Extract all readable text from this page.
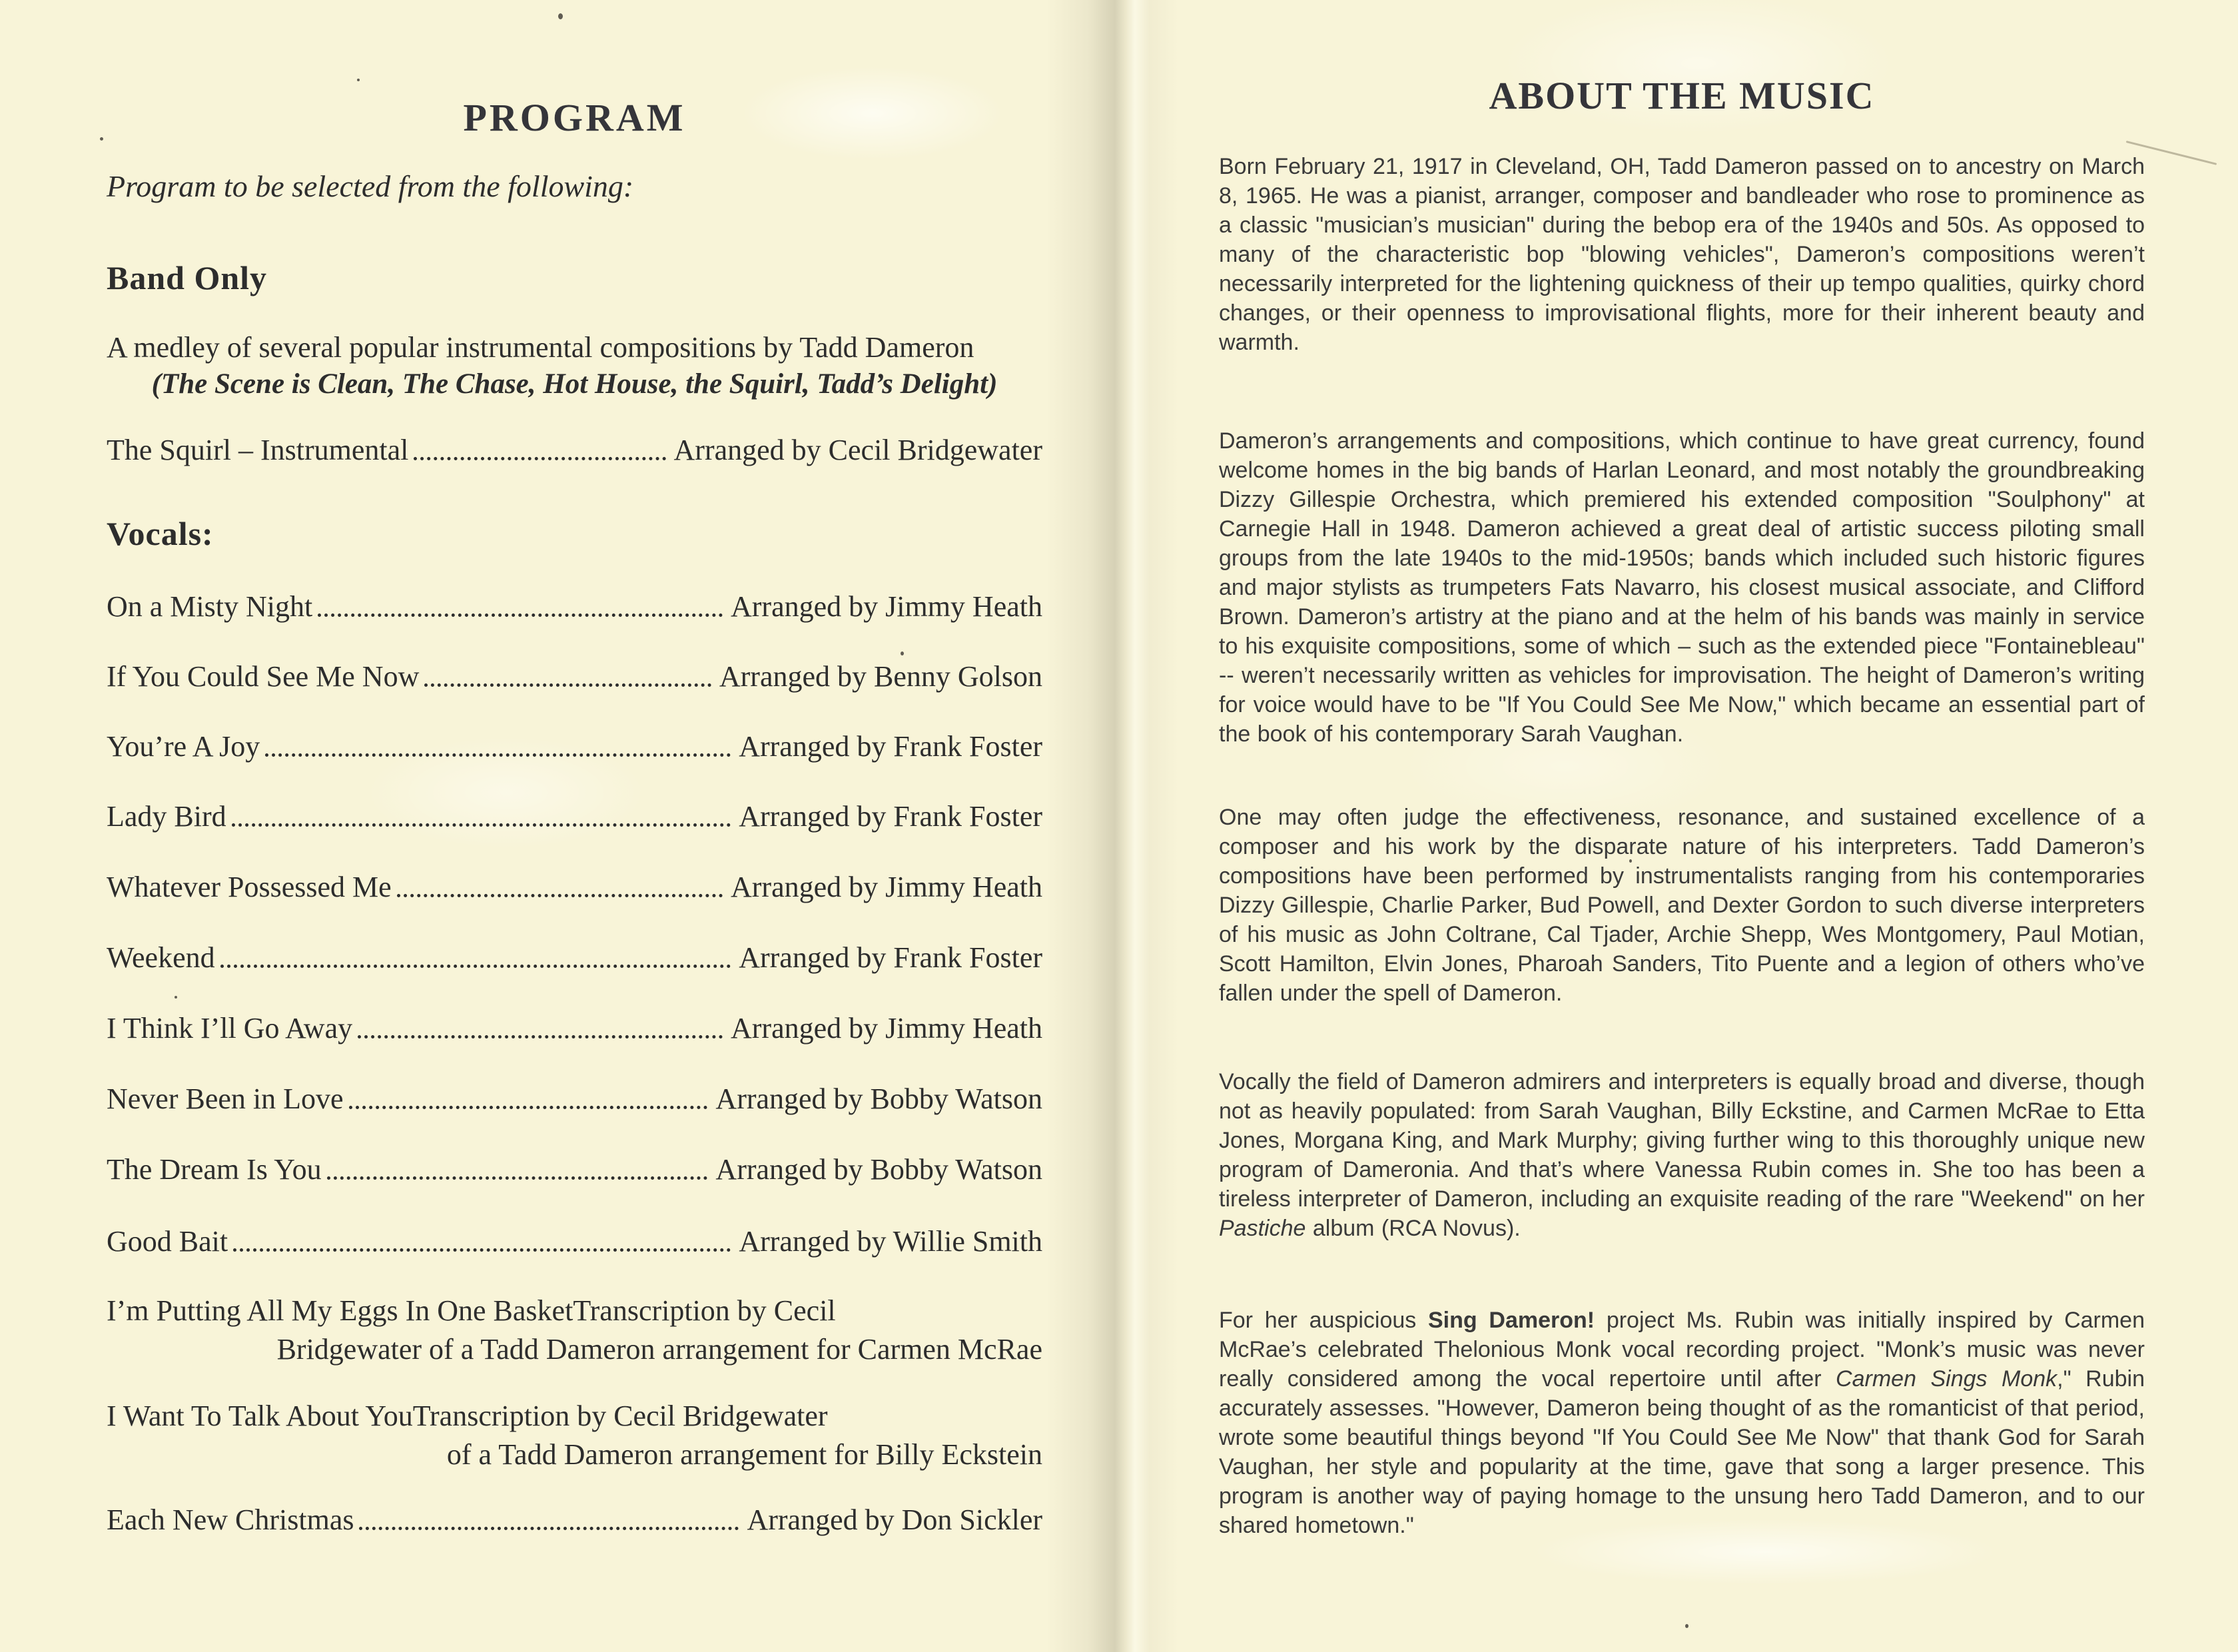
PROGRAM
Program to be selected from the following:
Band Only
A medley of several popular instrumental compositions by Tadd Dameron
(The Scene is Clean, The Chase, Hot House, the Squirl, Tadd’s Delight)
The Squirl – Instrumental	Arranged by Cecil Bridgewater
Vocals:
On a Misty Night	Arranged by Jimmy Heath
If You Could See Me Now	Arranged by Benny Golson
You’re A Joy	Arranged by Frank Foster
Lady Bird	Arranged by Frank Foster
Whatever Possessed Me	Arranged by Jimmy Heath
Weekend	Arranged by Frank Foster
I Think I’ll Go Away	Arranged by Jimmy Heath
Never Been in Love	Arranged by Bobby Watson
The Dream Is You	Arranged by Bobby Watson
Good Bait	Arranged by Willie Smith
I’m Putting All My Eggs In One Basket Transcription by Cecil
Bridgewater of a Tadd Dameron arrangement for Carmen McRae
I Want To Talk About You Transcription by Cecil Bridgewater
of a Tadd Dameron arrangement for Billy Eckstein
Each New Christmas	Arranged by Don Sickler
ABOUT THE MUSIC

Born February 21, 1917 in Cleveland, OH, Tadd Dameron passed on to ancestry on March 8, 1965. He was a pianist, arranger, composer and bandleader who rose to prominence as a classic "musician’s musician" during the bebop era of the 1940s and 50s. As opposed to many of the characteristic bop "blowing vehicles", Dameron’s compositions weren’t necessarily interpreted for the lightening quickness of their up tempo qualities, quirky chord changes, or their openness to improvisational flights, more for their inherent beauty and warmth.

Dameron’s arrangements and compositions, which continue to have great currency, found welcome homes in the big bands of Harlan Leonard, and most notably the groundbreaking Dizzy Gillespie Orchestra, which premiered his extended composition "Soulphony" at Carnegie Hall in 1948. Dameron achieved a great deal of artistic success piloting small groups from the late 1940s to the mid-1950s; bands which included such historic figures and major stylists as trumpeters Fats Navarro, his closest musical associate, and Clifford Brown. Dameron’s artistry at the piano and at the helm of his bands was mainly in service to his exquisite compositions, some of which – such as the extended piece "Fontainebleau" -- weren’t necessarily written as vehicles for improvisation. The height of Dameron’s writing for voice would have to be "If You Could See Me Now," which became an essential part of the book of his contemporary Sarah Vaughan.

One may often judge the effectiveness, resonance, and sustained excellence of a composer and his work by the disparate nature of his interpreters. Tadd Dameron’s compositions have been performed by instrumentalists ranging from his contemporaries Dizzy Gillespie, Charlie Parker, Bud Powell, and Dexter Gordon to such diverse interpreters of his music as John Coltrane, Cal Tjader, Archie Shepp, Wes Montgomery, Paul Motian, Scott Hamilton, Elvin Jones, Pharoah Sanders, Tito Puente and a legion of others who’ve fallen under the spell of Dameron.

Vocally the field of Dameron admirers and interpreters is equally broad and diverse, though not as heavily populated: from Sarah Vaughan, Billy Eckstine, and Carmen McRae to Etta Jones, Morgana King, and Mark Murphy; giving further wing to this thoroughly unique new program of Dameronia. And that’s where Vanessa Rubin comes in. She too has been a tireless interpreter of Dameron, including an exquisite reading of the rare "Weekend" on her Pastiche album (RCA Novus).

For her auspicious Sing Dameron! project Ms. Rubin was initially inspired by Carmen McRae’s celebrated Thelonious Monk vocal recording project. "Monk’s music was never really considered among the vocal repertoire until after Carmen Sings Monk," Rubin accurately assesses. "However, Dameron being thought of as the romanticist of that period, wrote some beautiful things beyond "If You Could See Me Now" that thank God for Sarah Vaughan, her style and popularity at the time, gave that song a larger presence. This program is another way of paying homage to the unsung hero Tadd Dameron, and to our shared hometown."
